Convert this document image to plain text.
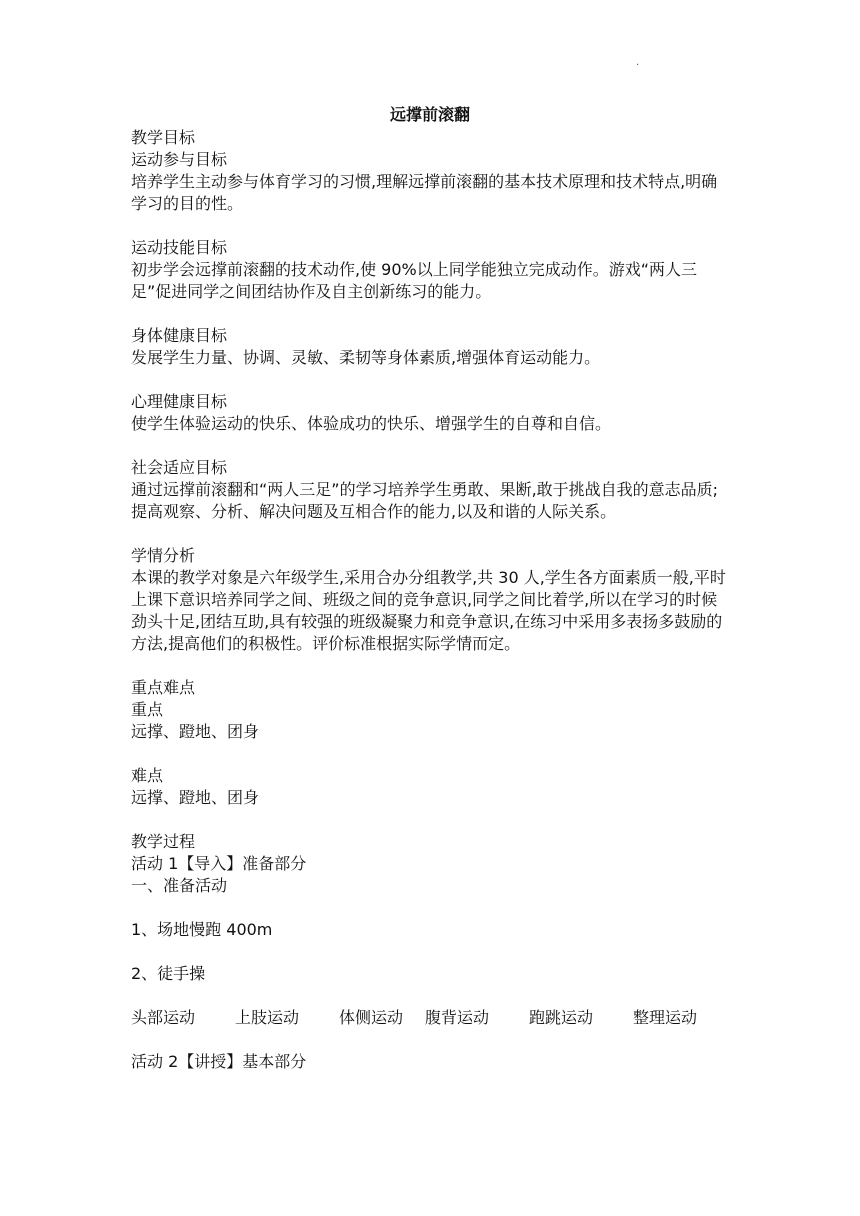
.
远撑前滚翻

教学目标

运动参与目标

培养学生主动参与体育学习的习惯,理解远撑前滚翻的基本技术原理和技术特点,明确学习的目的性。

运动技能目标

初步学会远撑前滚翻的技术动作,使 90%以上同学能独立完成动作。游戏“两人三足”促进同学之间团结协作及自主创新练习的能力。

身体健康目标

发展学生力量、协调、灵敏、柔韧等身体素质,增强体育运动能力。

心理健康目标

使学生体验运动的快乐、体验成功的快乐、增强学生的自尊和自信。

社会适应目标

通过远撑前滚翻和“两人三足”的学习培养学生勇敢、果断,敢于挑战自我的意志品质;提高观察、分析、解决问题及互相合作的能力,以及和谐的人际关系。

学情分析

本课的教学对象是六年级学生,采用合办分组教学,共 30 人,学生各方面素质一般,平时上课下意识培养同学之间、班级之间的竞争意识,同学之间比着学,所以在学习的时候劲头十足,团结互助,具有较强的班级凝聚力和竞争意识,在练习中采用多表扬多鼓励的方法,提高他们的积极性。评价标准根据实际学情而定。

重点难点

重点

远撑、蹬地、团身

难点

远撑、蹬地、团身

教学过程

活动 1【导入】准备部分

一、准备活动

1、场地慢跑 400m

2、徒手操

头部运动	上肢运动	体侧运动	腹背运动	跑跳运动	整理运动

活动 2【讲授】基本部分
